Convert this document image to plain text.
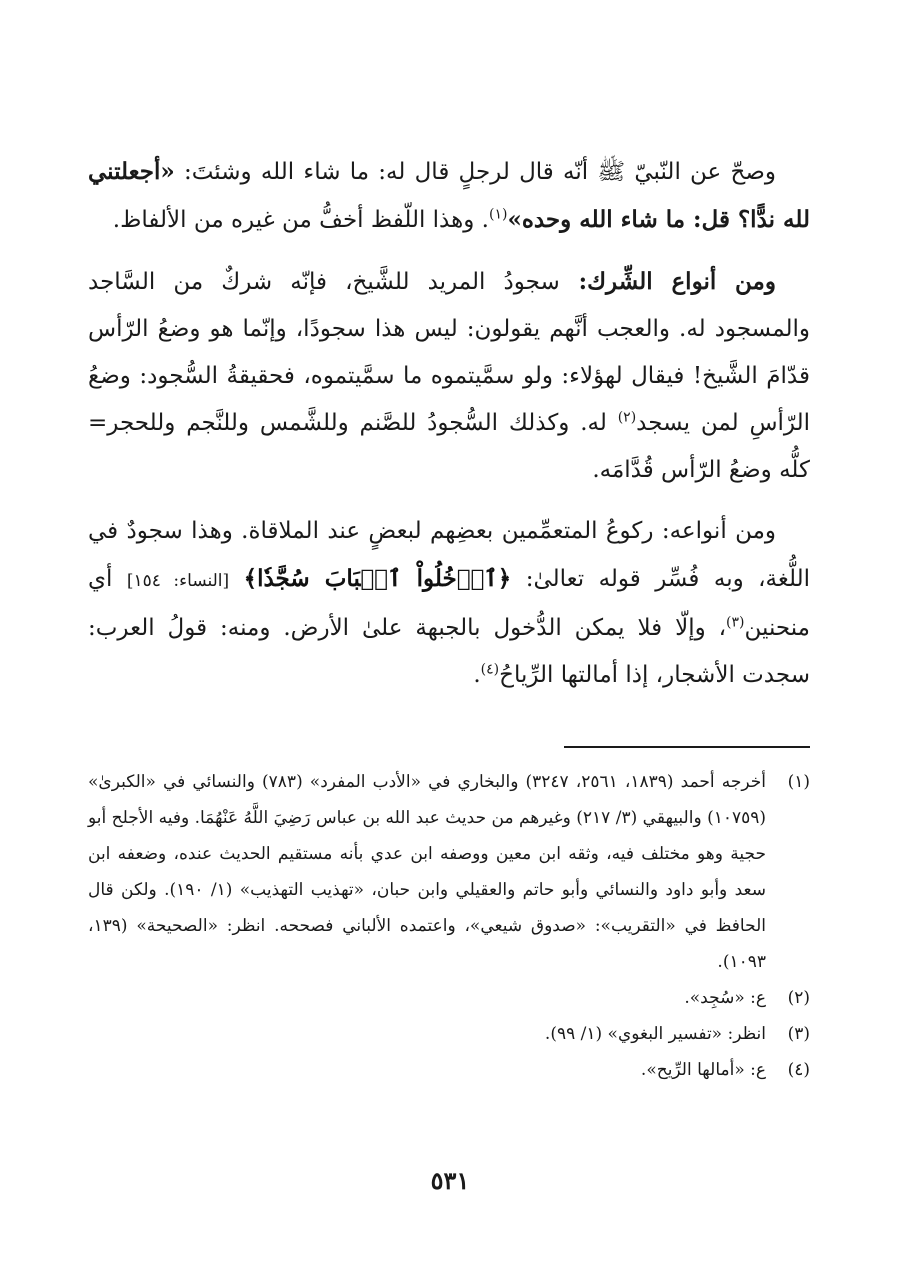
وصحّ عن النّبيّ ﷺ أنّه قال لرجلٍ قال له: ما شاء الله وشئتَ: «أجعلتني لله ندًّا؟ قل: ما شاء الله وحده»$^{(١)}$. وهذا اللّفظ أخفُّ من غيره من الألفاظ.

ومن أنواع الشِّرك: سجودُ المريد للشَّيخ، فإنّه شركٌ من السَّاجد والمسجود له. والعجب أنَّهم يقولون: ليس هذا سجودًا، وإنّما هو وضعُ الرّأس قدّامَ الشَّيخ! فيقال لهؤلاء: ولو سمَّيتموه ما سمَّيتموه، فحقيقةُ السُّجود: وضعُ الرّأسِ لمن يسجد$^{(٢)}$ له. وكذلك السُّجودُ للصَّنم وللشَّمس وللنَّجم وللحجر= كلُّه وضعُ الرّأس قُدَّامَه.

ومن أنواعه: ركوعُ المتعمِّمين بعضِهم لبعضٍ عند الملاقاة. وهذا سجودٌ في اللُّغة، وبه فُسِّر قوله تعالىٰ: ﴿ٱدۡخُلُواْ ٱلۡبَابَ سُجَّدٗا﴾ [النساء: ١٥٤] أي منحنين$^{(٣)}$، وإلّا فلا يمكن الدُّخول بالجبهة علىٰ الأرض. ومنه: قولُ العرب: سجدت الأشجار، إذا أمالتها الرِّياحُ$^{(٤)}$.

(١)
أخرجه أحمد (١٨٣٩، ٢٥٦١، ٣٢٤٧) والبخاري في «الأدب المفرد» (٧٨٣) والنسائي في «الكبرىٰ» (١٠٧٥٩) والبيهقي (٣/ ٢١٧) وغيرهم من حديث عبد الله بن عباس رَضِيَ اللَّهُ عَنْهُمَا. وفيه الأجلح أبو حجية وهو مختلف فيه، وثقه ابن معين ووصفه ابن عدي بأنه مستقيم الحديث عنده، وضعفه ابن سعد وأبو داود والنسائي وأبو حاتم والعقيلي وابن حبان، «تهذيب التهذيب» (١/ ١٩٠). ولكن قال الحافظ في «التقريب»: «صدوق شيعي»، واعتمده الألباني فصححه. انظر: «الصحيحة» (١٣٩، ١٠٩٣).
(٢)
ع: «سُجِد».
(٣)
انظر: «تفسير البغوي» (١/ ٩٩).
(٤)
ع: «أمالها الرِّيح».
٥٣١
